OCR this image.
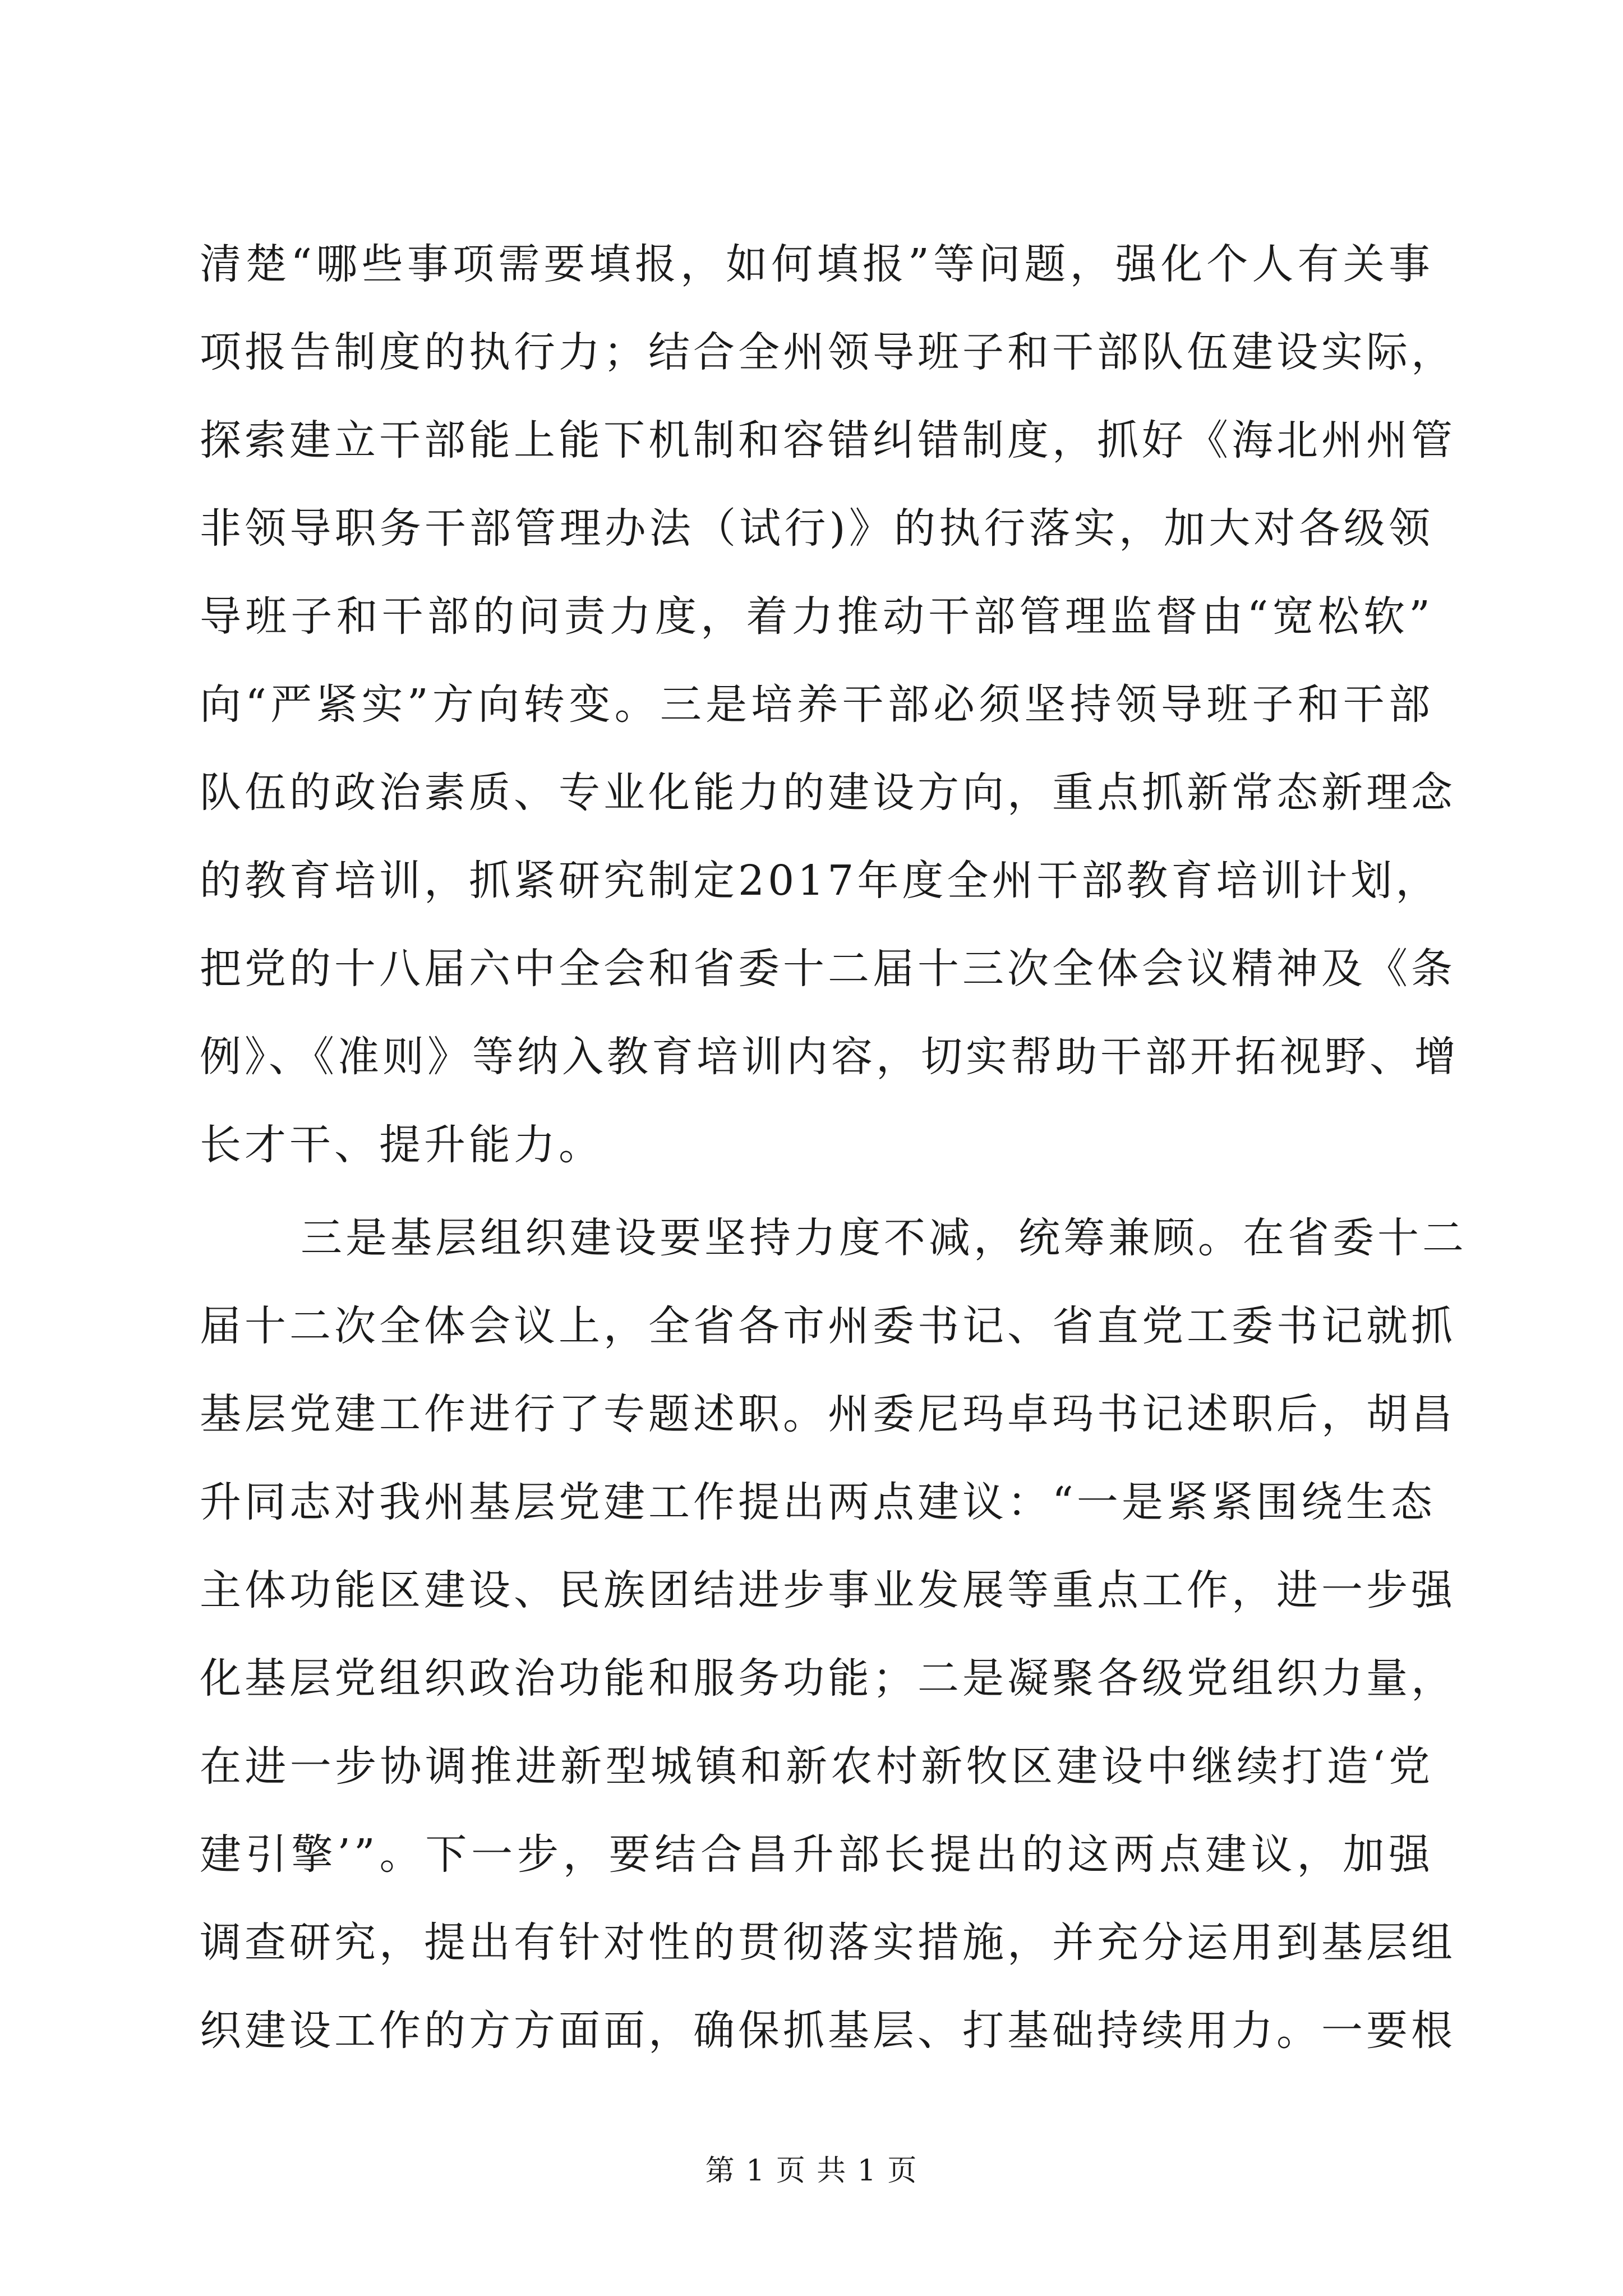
清楚“哪些事项需要填报，如何填报”等问题，强化个人有关事
项报告制度的执行力；结合全州领导班子和干部队伍建设实际，
探索建立干部能上能下机制和容错纠错制度，抓好《海北州州管
非领导职务干部管理办法（试行)》的执行落实，加大对各级领
导班子和干部的问责力度，着力推动干部管理监督由“宽松软”
向“严紧实”方向转变。三是培养干部必须坚持领导班子和干部
队伍的政治素质、专业化能力的建设方向，重点抓新常态新理念
的教育培训，抓紧研究制定2017年度全州干部教育培训计划，
把党的十八届六中全会和省委十二届十三次全体会议精神及《条
例》、《准则》等纳入教育培训内容，切实帮助干部开拓视野、增
长才干、提升能力。
三是基层组织建设要坚持力度不减，统筹兼顾。在省委十二
届十二次全体会议上，全省各市州委书记、省直党工委书记就抓
基层党建工作进行了专题述职。州委尼玛卓玛书记述职后，胡昌
升同志对我州基层党建工作提出两点建议：“一是紧紧围绕生态
主体功能区建设、民族团结进步事业发展等重点工作，进一步强
化基层党组织政治功能和服务功能；二是凝聚各级党组织力量，
在进一步协调推进新型城镇和新农村新牧区建设中继续打造‘党
建引擎’”。下一步，要结合昌升部长提出的这两点建议，加强
调查研究，提出有针对性的贯彻落实措施，并充分运用到基层组
织建设工作的方方面面，确保抓基层、打基础持续用力。一要根
第 1 页 共 1 页
